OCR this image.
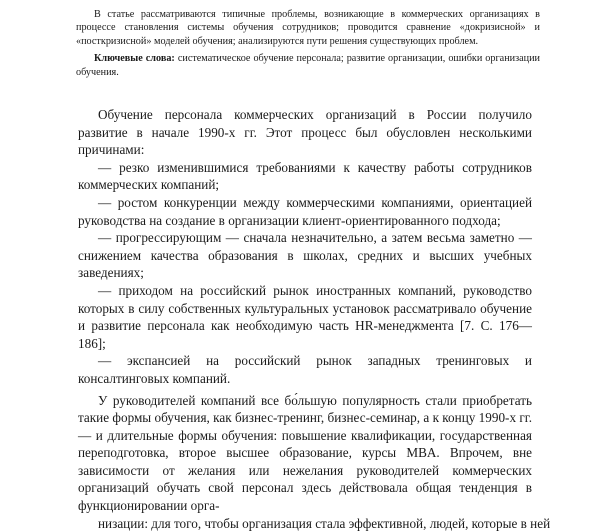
В статье рассматриваются типичные проблемы, возникающие в коммерческих организациях в процессе становления системы обучения сотрудников; проводится сравнение «докризисной» и «посткризисной» моделей обучения; анализируются пути решения существующих проблем.

Ключевые слова: систематическое обучение персонала; развитие организации, ошибки организации обучения.

Обучение персонала коммерческих организаций в России получило развитие в начале 1990-х гг. Этот процесс был обусловлен несколькими причинами:

— резко изменившимися требованиями к качеству работы сотрудников коммерческих компаний;

— ростом конкуренции между коммерческими компаниями, ориентацией руководства на создание в организации клиент-ориентированного подхода;

— прогрессирующим — сначала незначительно, а затем весьма заметно — снижением качества образования в школах, средних и высших учебных заведениях;

— приходом на российский рынок иностранных компаний, руководство которых в силу собственных культуральных установок рассматривало обучение и развитие персонала как необходимую часть HR-менеджмента [7. С. 176—186];

— экспансией на российский рынок западных тренинговых и консалтинговых компаний.

У руководителей компаний все бо́льшую популярность стали приобретать такие формы обучения, как бизнес-тренинг, бизнес-семинар, а к концу 1990-х гг. — и длительные формы обучения: повышение квалификации, государственная переподготовка, второе высшее образование, курсы MBA. Впрочем, вне зависимости от желания или нежелания руководителей коммерческих организаций обучать свой персонал здесь действовала общая тенденция в функционировании орга-

низации: для того, чтобы организация стала эффективной, людей, которые в ней
